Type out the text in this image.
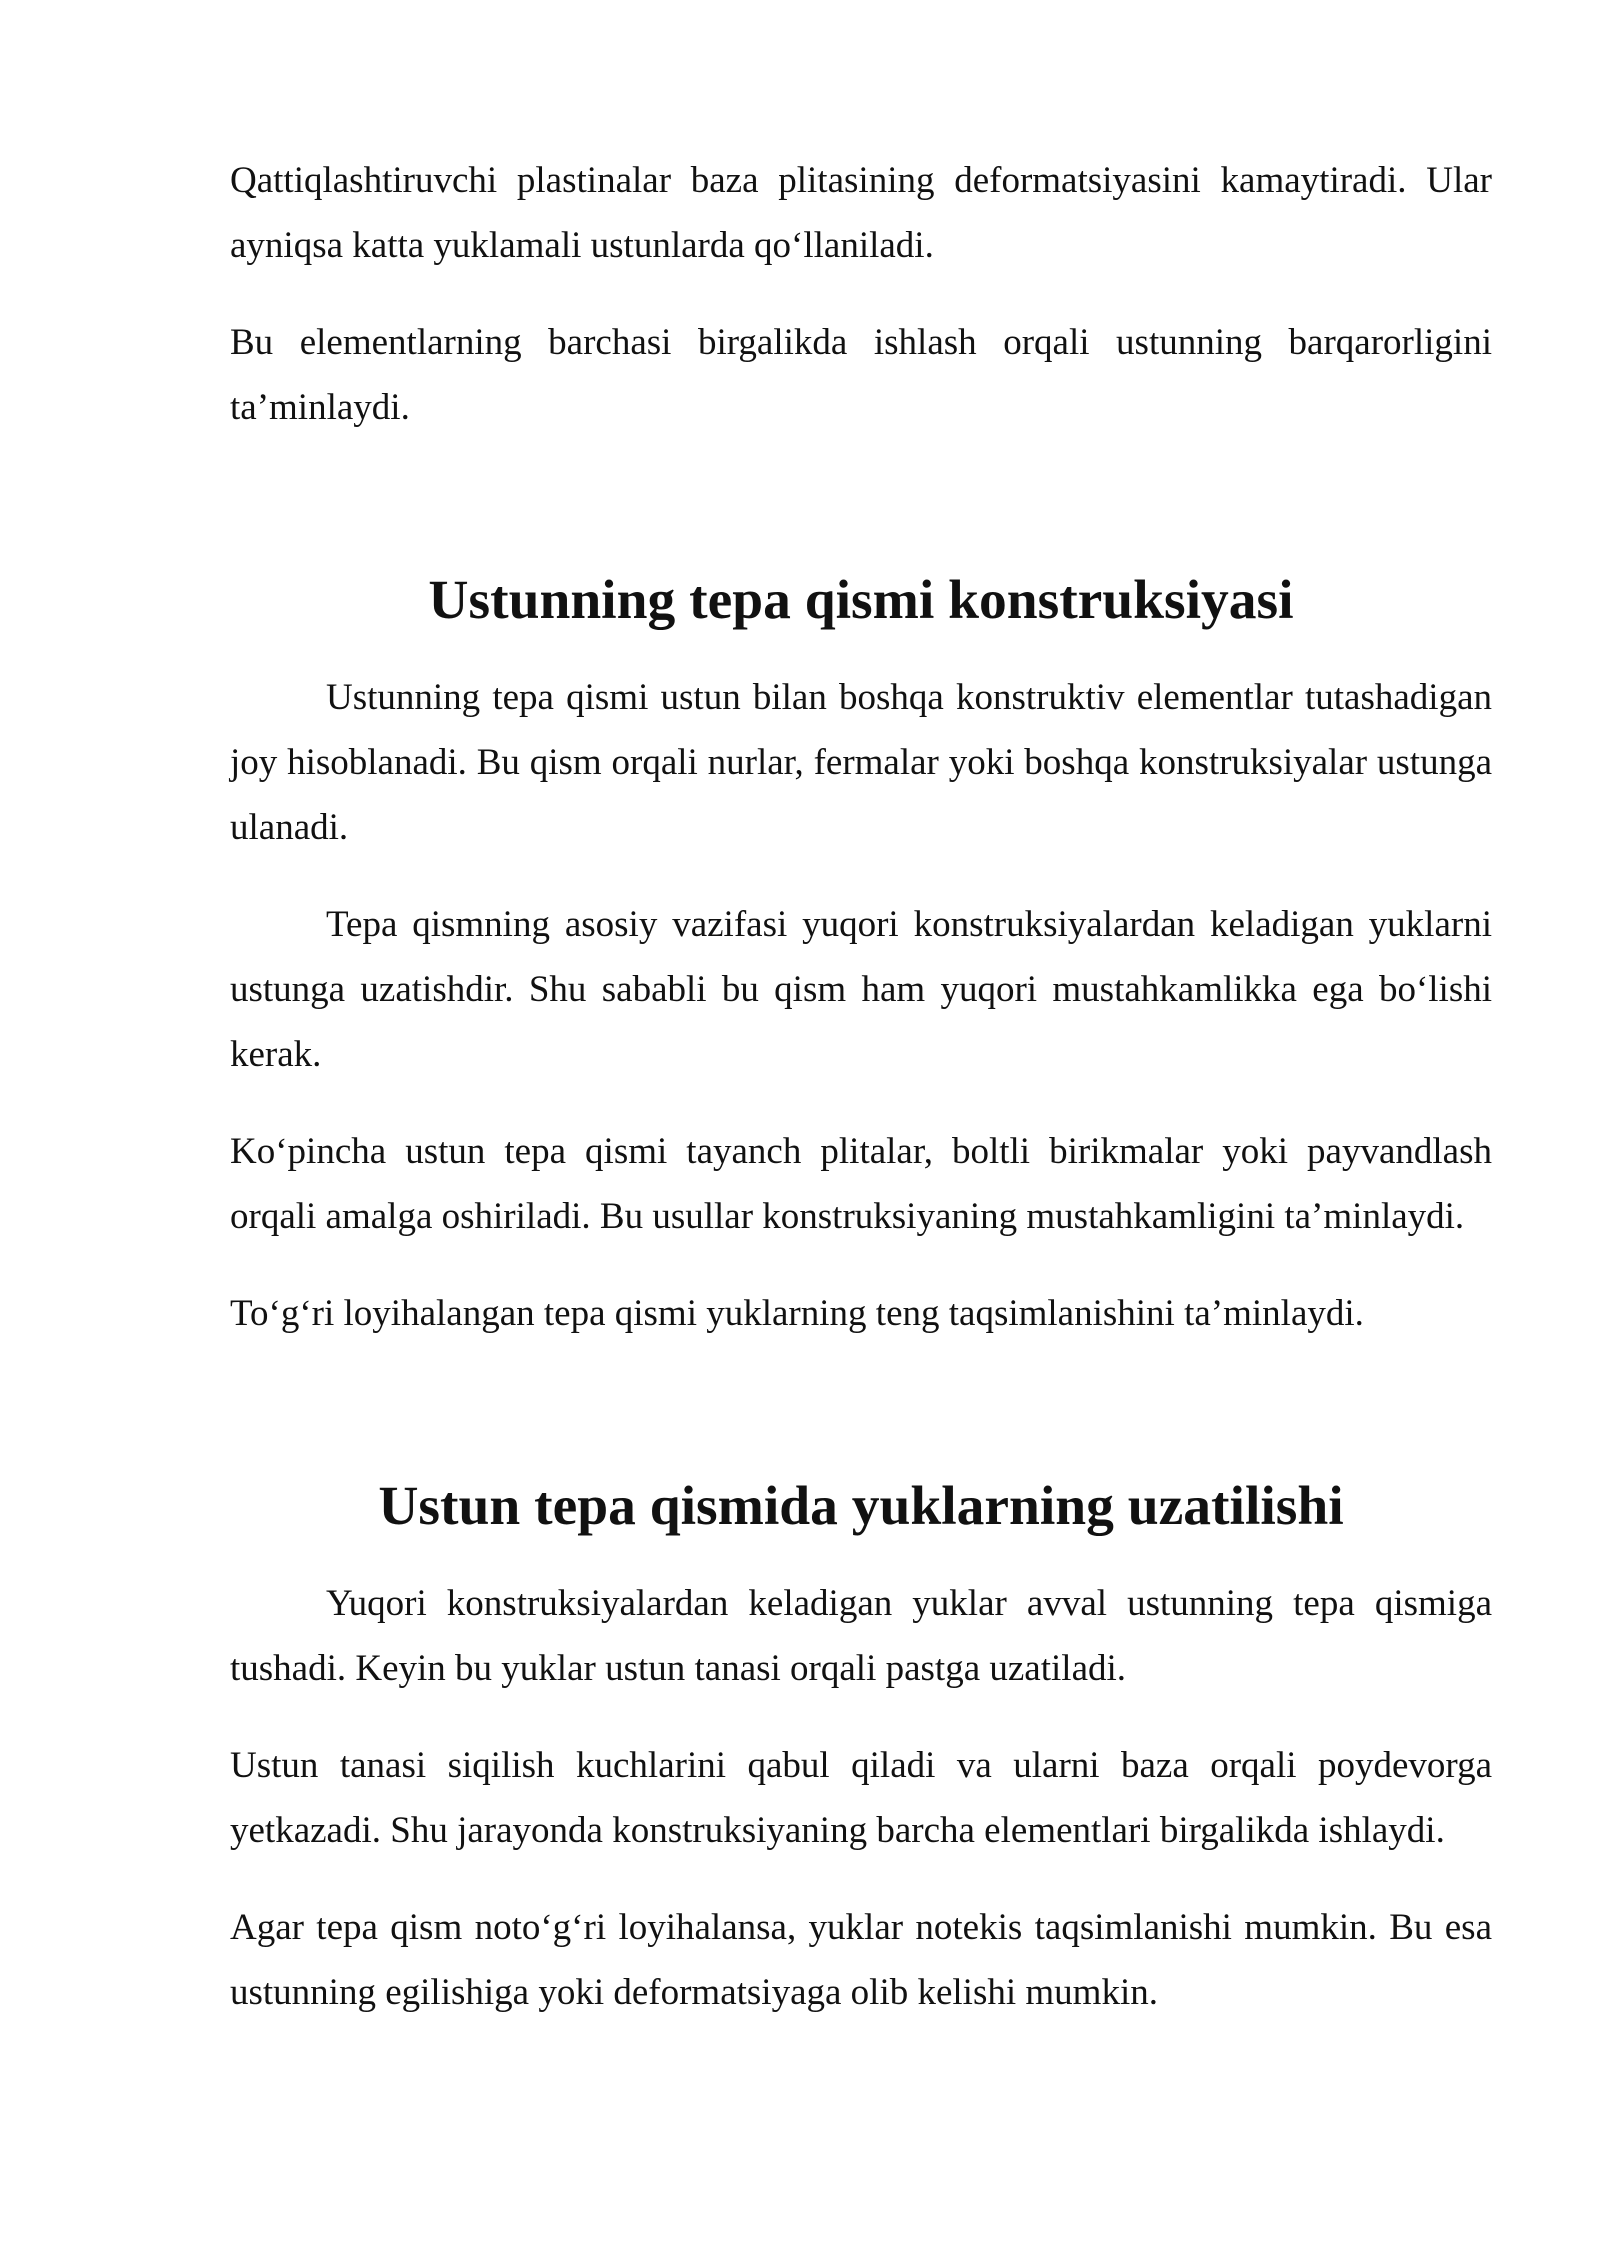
Qattiqlashtiruvchi plastinalar baza plitasining deformatsiyasini kamaytiradi. Ular ayniqsa katta yuklamali ustunlarda qo‘llaniladi.

Bu elementlarning barchasi birgalikda ishlash orqali ustunning barqarorligini ta’minlaydi.

Ustunning tepa qismi konstruksiyasi

Ustunning tepa qismi ustun bilan boshqa konstruktiv elementlar tutashadigan joy hisoblanadi. Bu qism orqali nurlar, fermalar yoki boshqa konstruksiyalar ustunga ulanadi.

Tepa qismning asosiy vazifasi yuqori konstruksiyalardan keladigan yuklarni ustunga uzatishdir. Shu sababli bu qism ham yuqori mustahkamlikka ega bo‘lishi kerak.

Ko‘pincha ustun tepa qismi tayanch plitalar, boltli birikmalar yoki payvandlash orqali amalga oshiriladi. Bu usullar konstruksiyaning mustahkamligini ta’minlaydi.

To‘g‘ri loyihalangan tepa qismi yuklarning teng taqsimlanishini ta’minlaydi.

Ustun tepa qismida yuklarning uzatilishi

Yuqori konstruksiyalardan keladigan yuklar avval ustunning tepa qismiga tushadi. Keyin bu yuklar ustun tanasi orqali pastga uzatiladi.

Ustun tanasi siqilish kuchlarini qabul qiladi va ularni baza orqali poydevorga yetkazadi. Shu jarayonda konstruksiyaning barcha elementlari birgalikda ishlaydi.

Agar tepa qism noto‘g‘ri loyihalansa, yuklar notekis taqsimlanishi mumkin. Bu esa ustunning egilishiga yoki deformatsiyaga olib kelishi mumkin.
